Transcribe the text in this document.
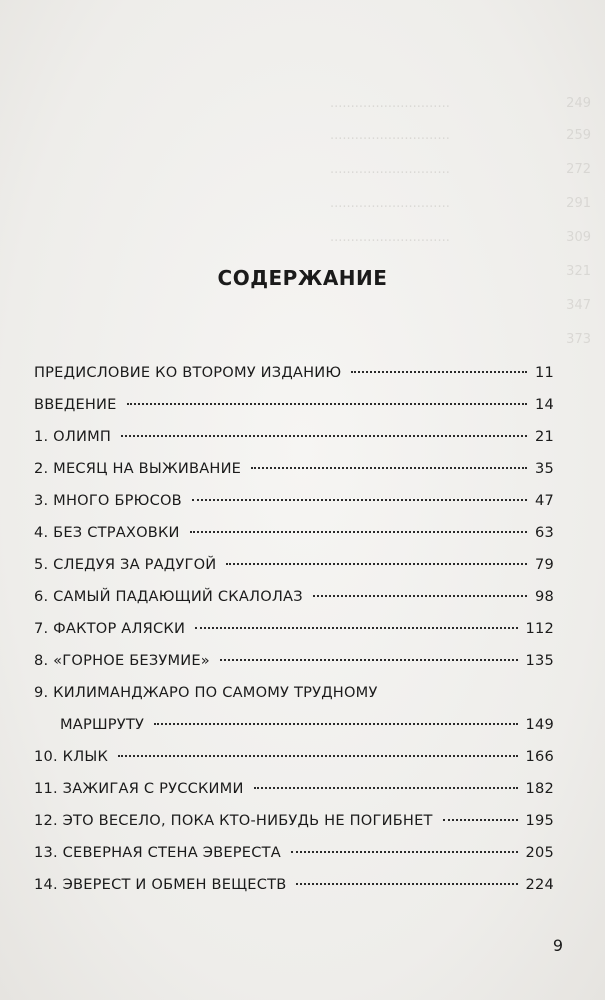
.............................	249
.............................	259
.............................	272
.............................	291
.............................	309
321
347
373
СОДЕРЖАНИЕ
ПРЕДИСЛОВИЕ КО ВТОРОМУ ИЗДАНИЮ	11
ВВЕДЕНИЕ	14
1. ОЛИМП	21
2. МЕСЯЦ НА ВЫЖИВАНИЕ	35
3. МНОГО БРЮСОВ	47
4. БЕЗ СТРАХОВКИ	63
5. СЛЕДУЯ ЗА РАДУГОЙ	79
6. САМЫЙ ПАДАЮЩИЙ СКАЛОЛАЗ	98
7. ФАКТОР АЛЯСКИ	112
8. «ГОРНОЕ БЕЗУМИЕ»	135
9. КИЛИМАНДЖАРО ПО САМОМУ ТРУДНОМУ
МАРШРУТУ	149
10. КЛЫК	166
11. ЗАЖИГАЯ С РУССКИМИ	182
12. ЭТО ВЕСЕЛО, ПОКА КТО-НИБУДЬ НЕ ПОГИБНЕТ	195
13. СЕВЕРНАЯ СТЕНА ЭВЕРЕСТА	205
14. ЭВЕРЕСТ И ОБМЕН ВЕЩЕСТВ	224
9
